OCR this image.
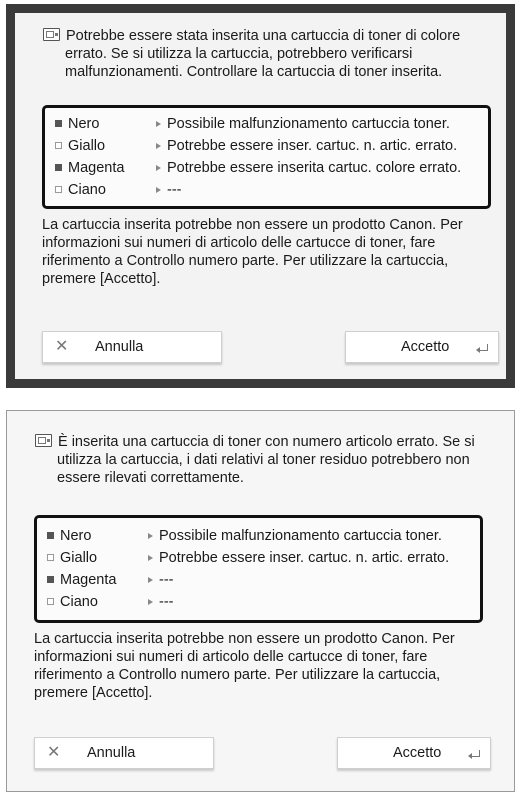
Potrebbe essere stata inserita una cartuccia di toner di colore errato. Se si utilizza la cartuccia, potrebbero verificarsi malfunzionamenti. Controllare la cartuccia di toner inserita.
Nero	Possibile malfunzionamento cartuccia toner.
Giallo	Potrebbe essere inser. cartuc. n. artic. errato.
Magenta	Potrebbe essere inserita cartuc. colore errato.
Ciano	---
La cartuccia inserita potrebbe non essere un prodotto Canon. Per informazioni sui numeri di articolo delle cartucce di toner, fare riferimento a Controllo numero parte. Per utilizzare la cartuccia, premere [Accetto].
✕ Annulla	Accetto
È inserita una cartuccia di toner con numero articolo errato. Se si utilizza la cartuccia, i dati relativi al toner residuo potrebbero non essere rilevati correttamente.
Nero	Possibile malfunzionamento cartuccia toner.
Giallo	Potrebbe essere inser. cartuc. n. artic. errato.
Magenta	---
Ciano	---
La cartuccia inserita potrebbe non essere un prodotto Canon. Per informazioni sui numeri di articolo delle cartucce di toner, fare riferimento a Controllo numero parte. Per utilizzare la cartuccia, premere [Accetto].
✕ Annulla	Accetto
